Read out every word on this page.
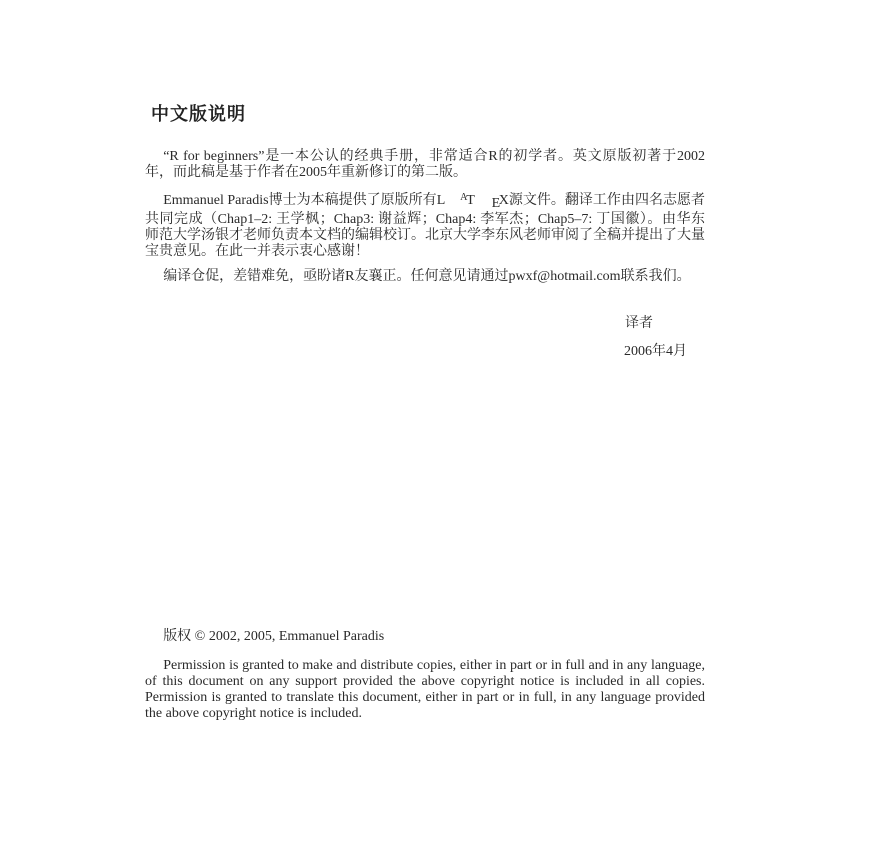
中文版说明

“R for beginners”是一本公认的经典手册，非常适合R的初学者。英文原版初著于2002年，而此稿是基于作者在2005年重新修订的第二版。

Emmanuel Paradis博士为本稿提供了原版所有L AT EX源文件。翻译工作由四名志愿者共同完成（Chap1–2: 王学枫；Chap3: 谢益辉；Chap4: 李军杰；Chap5–7: 丁国徽）。由华东师范大学汤银才老师负责本文档的编辑校订。北京大学李东风老师审阅了全稿并提出了大量宝贵意见。在此一并表示衷心感谢！

编译仓促，差错难免，亟盼诸R友襄正。任何意见请通过pwxf@hotmail.com联系我们。

译者
2006年4月

版权 © 2002, 2005, Emmanuel Paradis

Permission is granted to make and distribute copies, either in part or in full and in any language, of this document on any support provided the above copyright notice is included in all copies. Permission is granted to translate this document, either in part or in full, in any language provided the above copyright notice is included.
